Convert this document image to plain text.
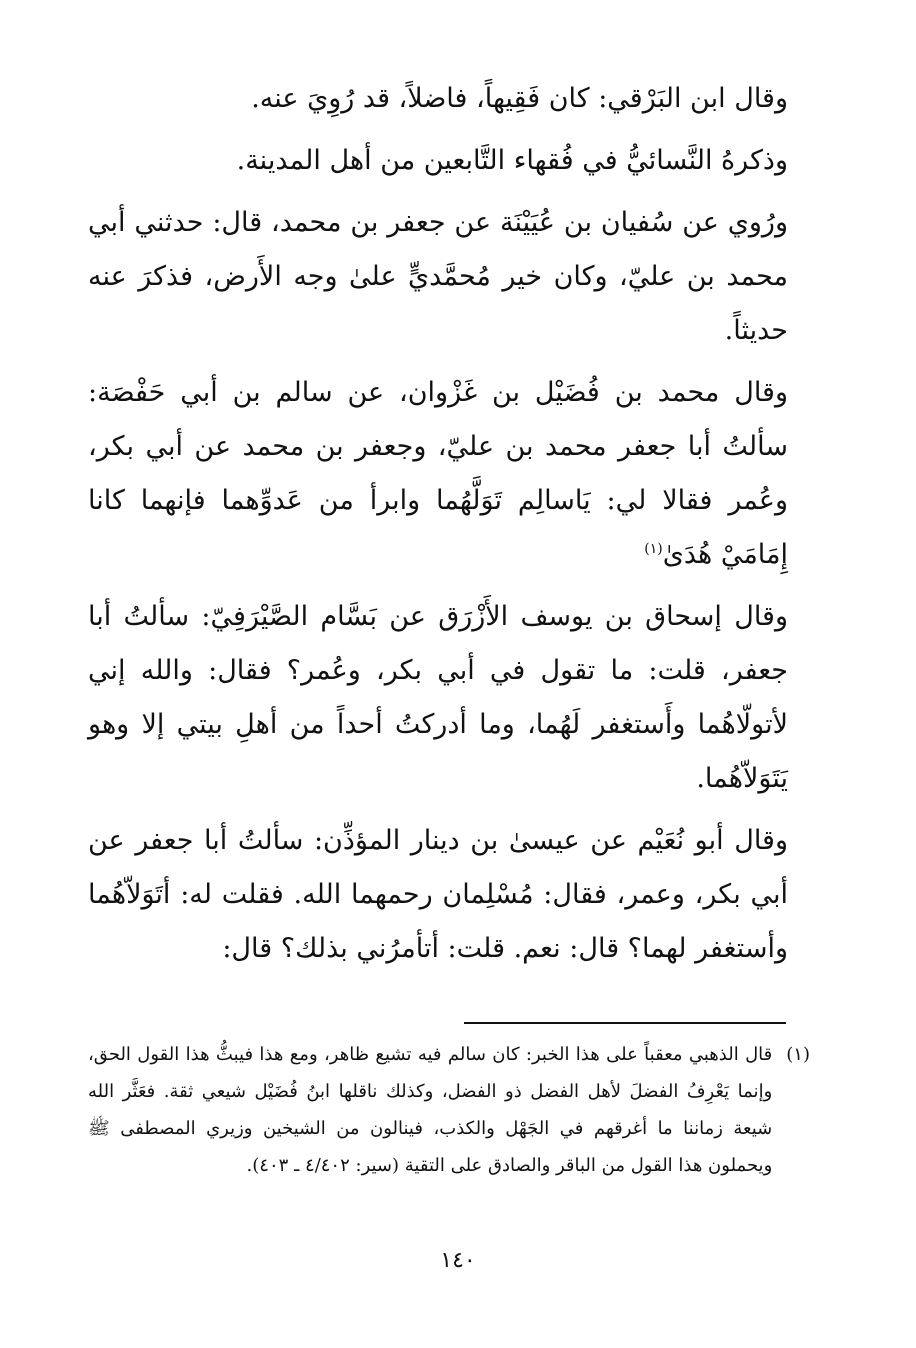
وقال ابن البَرْقي: كان فَقِيهاً، فاضلاً، قد رُوِيَ عنه.

وذكرهُ النَّسائيُّ في فُقهاء التَّابعين من أهل المدينة.

ورُوي عن سُفيان بن عُيَيْنَة عن جعفر بن محمد، قال: حدثني أبي محمد بن عليّ، وكان خير مُحمَّديٍّ علىٰ وجه الأَرض، فذكرَ عنه حديثاً.

وقال محمد بن فُضَيْل بن غَزْوان، عن سالم بن أبي حَفْصَة: سألتُ أبا جعفر محمد بن عليّ، وجعفر بن محمد عن أبي بكر، وعُمر فقالا لي: يَاسالِم تَوَلَّهُما وابرأ من عَدوِّهما فإنهما كانا إِمَامَيْ هُدَىٰ$^{(١)}$

وقال إسحاق بن يوسف الأَزْرَق عن بَسَّام الصَّيْرَفِيّ: سألتُ أبا جعفر، قلت: ما تقول في أبي بكر، وعُمر؟ فقال: والله إني لأتولّاهُما وأَستغفر لَهُما، وما أدركتُ أحداً من أهلِ بيتي إلا وهو يَتَوَلاّهُما.

وقال أبو نُعَيْم عن عيسىٰ بن دينار المؤذِّن: سألتُ أبا جعفر عن أبي بكر، وعمر، فقال: مُسْلِمان رحمهما الله. فقلت له: أتَوَلاّهُما وأستغفر لهما؟ قال: نعم. قلت: أتأمرُني بذلك؟ قال:

(١)
قال الذهبي معقباً على هذا الخبر: كان سالم فيه تشيع ظاهر، ومع هذا فيبثُّ هذا القول الحق، وإنما يَعْرِفُ الفضلَ لأهل الفضل ذو الفضل، وكذلك ناقلها ابنُ فُضَيْل شيعي ثقة. فعَثَّر الله شيعة زماننا ما أغرقهم في الجَهْل والكذب، فينالون من الشيخين وزيري المصطفى ﷺ ويحملون هذا القول من الباقر والصادق على التقية (سير: ٤/٤٠٢ ـ ٤٠٣).
١٤٠
